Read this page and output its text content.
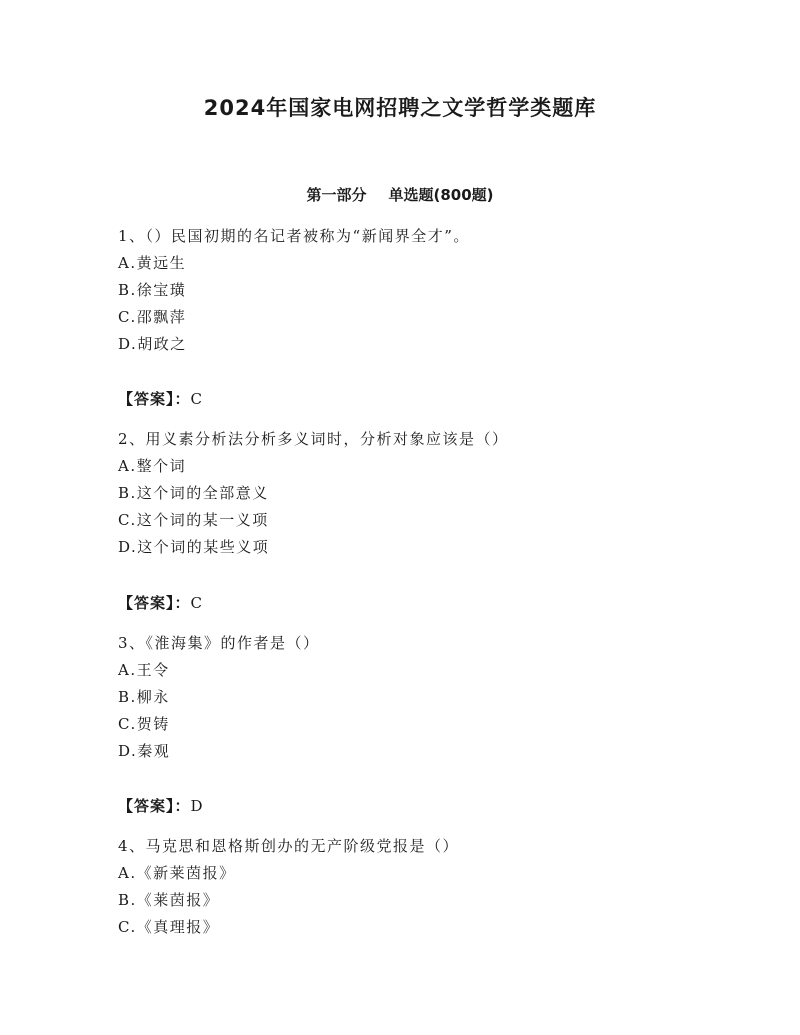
2024年国家电网招聘之文学哲学类题库
第一部分 单选题(800题)
1、（）民国初期的名记者被称为“新闻界全才”。
A.黄远生
B.徐宝璜
C.邵飘萍
D.胡政之
【答案】：C
2、用义素分析法分析多义词时，分析对象应该是（）
A.整个词
B.这个词的全部意义
C.这个词的某一义项
D.这个词的某些义项
【答案】：C
3、《淮海集》的作者是（）
A.王令
B.柳永
C.贺铸
D.秦观
【答案】：D
4、马克思和恩格斯创办的无产阶级党报是（）
A.《新莱茵报》
B.《莱茵报》
C.《真理报》
